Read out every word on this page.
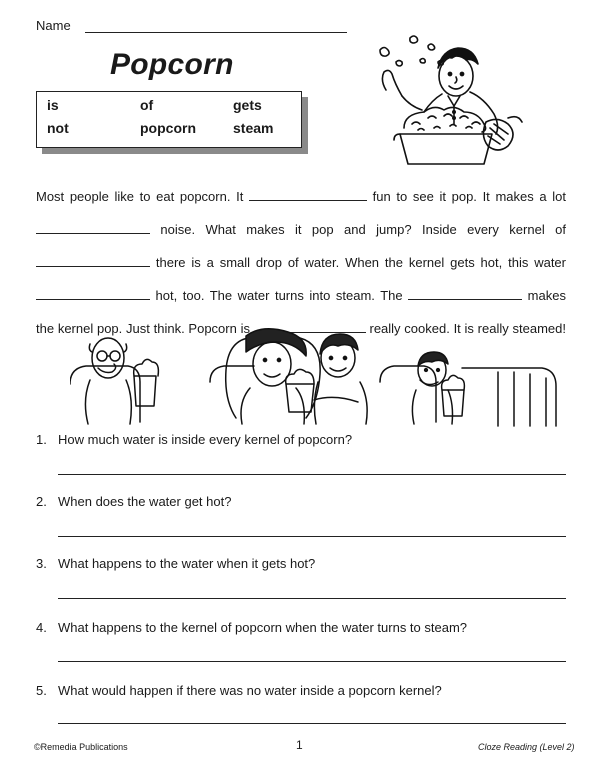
Name
Popcorn
is	of	gets
not	popcorn	steam
Most people like to eat popcorn. It	fun to see it pop. It makes a lot
noise. What makes it pop and jump? Inside every kernel of
there is a small drop of water. When the kernel gets hot, this water
hot, too. The water turns into steam. The	makes
the kernel pop. Just think. Popcorn is	really cooked. It is really steamed!
1. How much water is inside every kernel of popcorn?
2. When does the water get hot?
3. What happens to the water when it gets hot?
4. What happens to the kernel of popcorn when the water turns to steam?
5. What would happen if there was no water inside a popcorn kernel?
©Remedia Publications	1	Cloze Reading (Level 2)
